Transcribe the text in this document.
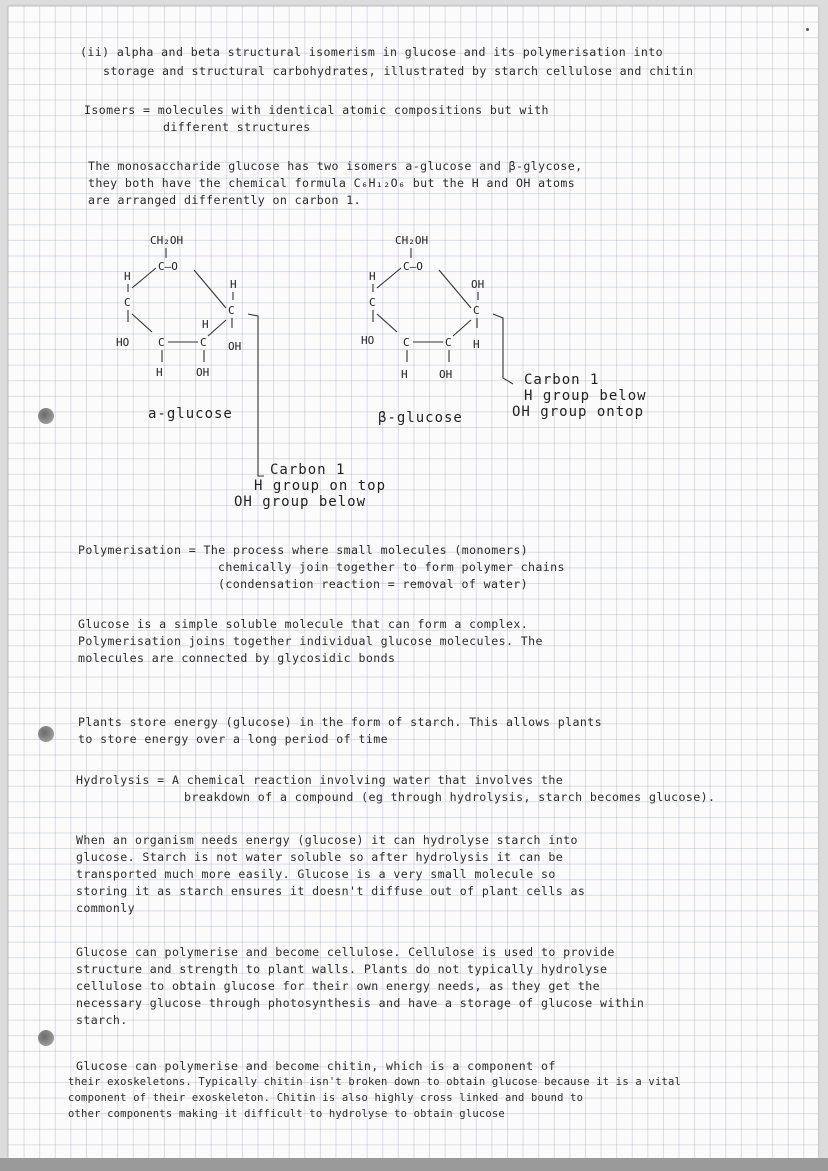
(ii) alpha and beta structural isomerism in glucose and its polymerisation into

storage and structural carbohydrates, illustrated by starch cellulose and chitin

Isomers = molecules with identical atomic compositions but with

different structures

The monosaccharide glucose has two isomers a-glucose and β-glycose,

they both have the chemical formula C₆H₁₂O₆ but the H and OH atoms

are arranged differently on carbon 1.

CH₂OH
C—O
H
C
HO
H
C
OH
H
C	C
H	OH

a-glucose

CH₂OH
C—O
H
C
HO
OH
C
H
C	C
H	OH

β-glucose

Carbon 1

H group below

OH group ontop

Carbon 1

H group on top

OH group below

Polymerisation = The process where small molecules (monomers)

chemically join together to form polymer chains

(condensation reaction = removal of water)

Glucose is a simple soluble molecule that can form a complex.

Polymerisation joins together individual glucose molecules. The

molecules are connected by glycosidic bonds

Plants store energy (glucose) in the form of starch. This allows plants

to store energy over a long period of time

Hydrolysis = A chemical reaction involving water that involves the

breakdown of a compound (eg through hydrolysis, starch becomes glucose).

When an organism needs energy (glucose) it can hydrolyse starch into

glucose. Starch is not water soluble so after hydrolysis it can be

transported much more easily. Glucose is a very small molecule so

storing it as starch ensures it doesn't diffuse out of plant cells as

commonly

Glucose can polymerise and become cellulose. Cellulose is used to provide

structure and strength to plant walls. Plants do not typically hydrolyse

cellulose to obtain glucose for their own energy needs, as they get the

necessary glucose through photosynthesis and have a storage of glucose within

starch.

Glucose can polymerise and become chitin, which is a component of

their exoskeletons. Typically chitin isn't broken down to obtain glucose because it is a vital

component of their exoskeleton. Chitin is also highly cross linked and bound to

other components making it difficult to hydrolyse to obtain glucose
